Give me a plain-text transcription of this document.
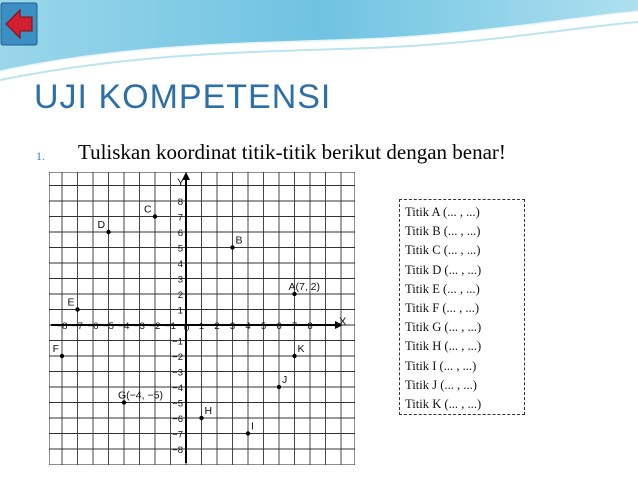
UJI KOMPETENSI
1. Tuliskan koordinat titik-titik berikut dengan benar!
−8 −7 −6 −5 −4 −3 −2 −1 1 2 3 4 5 6 7 8
8
7
6
5
4
3
2
1
−1
−2
−3
−4
−5
−6
−7
−8
C
D
B
A(7, 2)
E
F	K
J
G(−4, −5)
H
I
X
Y
0
Titik A (... , ...)
Titik B (... , ...)
Titik C (... , ...)
Titik D (... , ...)
Titik E (... , ...)
Titik F (... , ...)
Titik G (... , ...)
Titik H (... , ...)
Titik I (... , ...)
Titik J (... , ...)
Titik K (... , ...)
